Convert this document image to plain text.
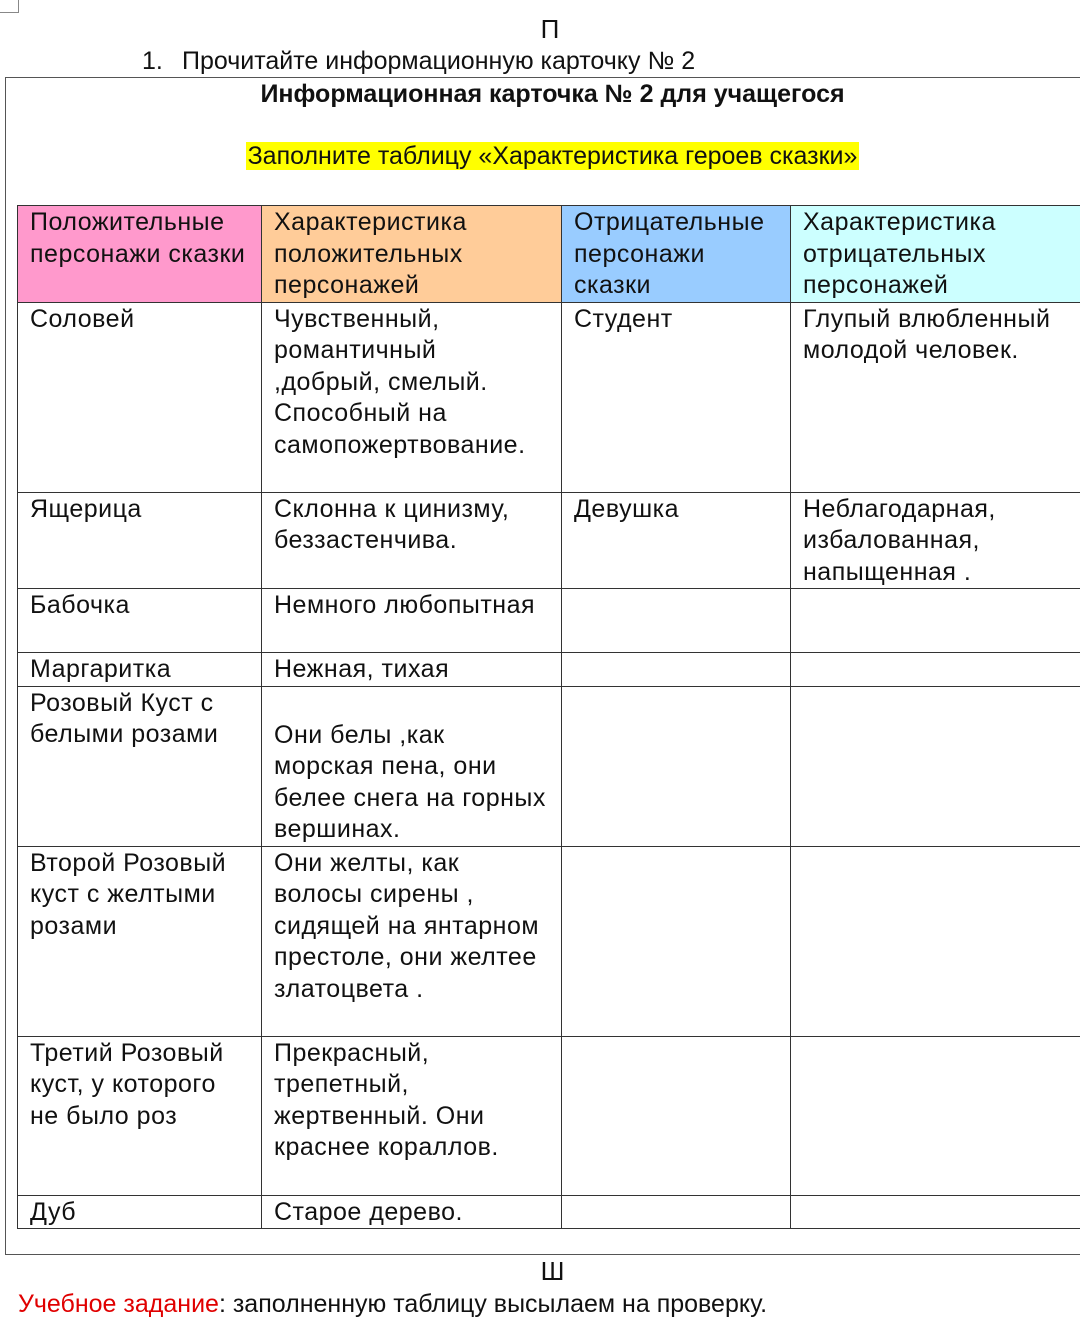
П
1. Прочитайте информационную карточку № 2
Информационная карточка № 2 для учащегося
Заполните таблицу «Характеристика героев сказки»
Положительные персонажи сказки	Характеристика положительных персонажей	Отрицательные персонажи сказки	Характеристика отрицательных персонажей
Соловей	Чувственный, романтичный ,добрый, смелый. Способный на самопожертвование.	Студент	Глупый влюбленный молодой человек.
Ящерица	Склонна к цинизму, беззастенчива.	Девушка	Неблагодарная, избалованная, напыщенная .
Бабочка	Немного любопытная		
Маргаритка	Нежная, тихая		
Розовый Куст с белыми розами	Они белы ,как морская пена, они белее снега на горных вершинах.		
Второй Розовый куст с желтыми розами	Они желты, как волосы сирены , сидящей на янтарном престоле, они желтее златоцвета .		
Третий Розовый куст, у которого не было роз	Прекрасный, трепетный, жертвенный. Они краснее кораллов.		
Дуб	Старое дерево.		
Ш
Учебное задание: заполненную таблицу высылаем на проверку.
